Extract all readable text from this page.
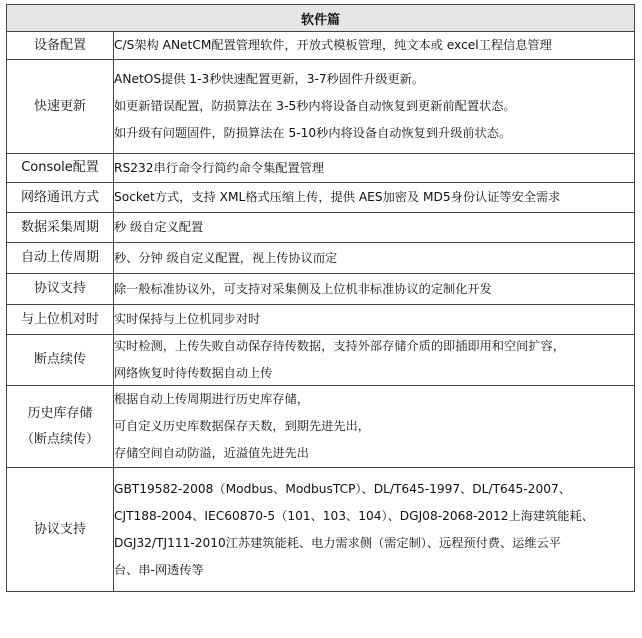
软件篇	

设备配置	C/S架构 ANetCM配置管理软件，开放式模板管理，纯文本或 excel工程信息管理

快速更新	ANetOS提供 1-3秒快速配置更新，3-7秒固件升级更新。
如更新错误配置，防损算法在 3-5秒内将设备自动恢复到更新前配置状态。
如升级有问题固件，防损算法在 5-10秒内将设备自动恢复到升级前状态。

Console配置	RS232串行命令行简约命令集配置管理

网络通讯方式	Socket方式，支持 XML格式压缩上传，提供 AES加密及 MD5身份认证等安全需求

数据采集周期	秒 级自定义配置

自动上传周期	秒、分钟 级自定义配置，视上传协议而定

协议支持	除一般标准协议外，可支持对采集侧及上位机非标准协议的定制化开发

与上位机对时	实时保持与上位机同步对时

断点续传	实时检测，上传失败自动保存待传数据，支持外部存储介质的即插即用和空间扩容，
网络恢复时待传数据自动上传

历史库存储
（断点续传）	根据自动上传周期进行历史库存储，
可自定义历史库数据保存天数，到期先进先出，
存储空间自动防溢，近溢值先进先出

协议支持	GBT19582-2008（Modbus、ModbusTCP）、DL/T645-1997、DL/T645-2007、
CJT188-2004、IEC60870-5（101、103、104）、DGJ08-2068-2012上海建筑能耗、
DGJ32/TJ111-2010江苏建筑能耗、电力需求侧（需定制）、远程预付费、运维云平
台、串-网透传等
